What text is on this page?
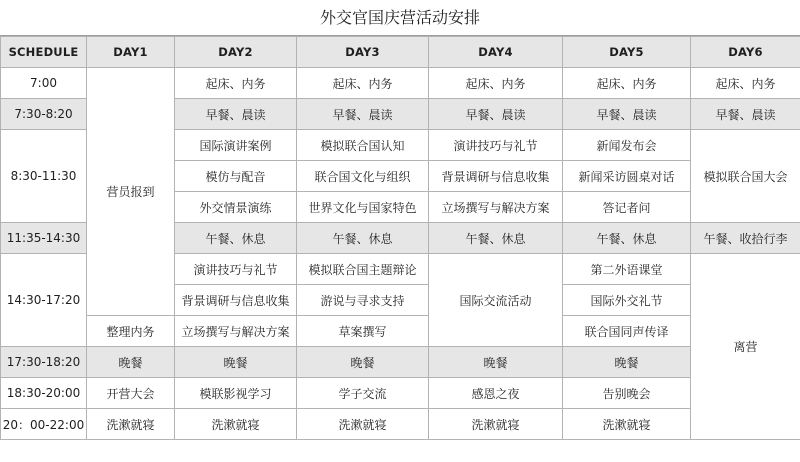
外交官国庆营活动安排
SCHEDULE	DAY1	DAY2	DAY3	DAY4	DAY5	DAY6
7:00	营员报到	起床、内务	起床、内务	起床、内务	起床、内务	起床、内务
7:30-8:20		早餐、晨读	早餐、晨读	早餐、晨读	早餐、晨读	早餐、晨读
8:30-11:30		国际演讲案例	模拟联合国认知	演讲技巧与礼节	新闻发布会	模拟联合国大会
		模仿与配音	联合国文化与组织	背景调研与信息收集	新闻采访圆桌对话	
		外交情景演练	世界文化与国家特色	立场撰写与解决方案	答记者问	
11:35-14:30		午餐、休息	午餐、休息	午餐、休息	午餐、休息	午餐、收拾行李
14:30-17:20		演讲技巧与礼节	模拟联合国主题辩论	国际交流活动	第二外语课堂	离营
		背景调研与信息收集	游说与寻求支持		国际外交礼节	
	整理内务	立场撰写与解决方案	草案撰写		联合国同声传译	
17:30-18:20	晚餐	晚餐	晚餐	晚餐	晚餐	
18:30-20:00	开营大会	模联影视学习	学子交流	感恩之夜	告别晚会	
20：00-22:00	洗漱就寝	洗漱就寝	洗漱就寝	洗漱就寝	洗漱就寝	
